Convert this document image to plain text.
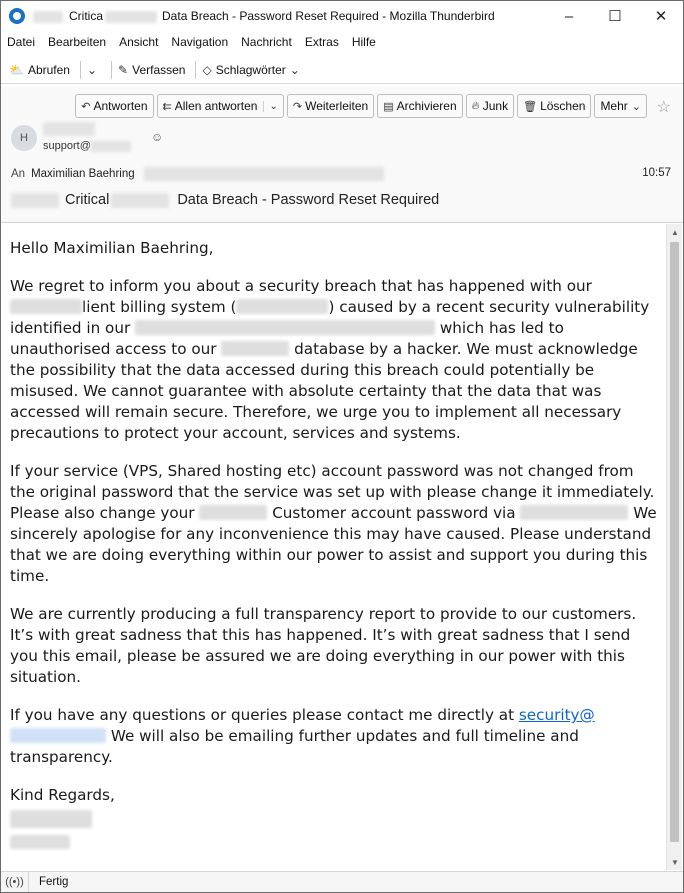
Critica	Data Breach - Password Reset Required - Mozilla Thunderbird	–	☐	✕
Datei Bearbeiten Ansicht Navigation Nachricht Extras Hilfe
⛅ Abrufen ⌄ ✎ Verfassen ◇ Schlagwörter ⌄
↶ Antworten ⇇ Allen antworten	⌄ ↷ Weiterleiten ▤ Archivieren 🔥︎ Junk 🗑︎ Löschen Mehr ⌄ ☆
H
support@
☺
An Maximilian Baehring	10:57
Critical	Data Breach - Password Reset Required

Hello Maximilian Baehring,

We regret to inform you about a security breach that has happened with our lient billing system (	) caused by a recent security vulnerability identified in our	which has led to unauthorised access to our	database by a hacker. We must acknowledge the possibility that the data accessed during this breach could potentially be misused. We cannot guarantee with absolute certainty that the data that was accessed will remain secure. Therefore, we urge you to implement all necessary precautions to protect your account, services and systems.

If your service (VPS, Shared hosting etc) account password was not changed from the original password that the service was set up with please change it immediately. Please also change your	Customer account password via	We sincerely apologise for any inconvenience this may have caused. Please understand that we are doing everything within our power to assist and support you during this time.

We are currently producing a full transparency report to provide to our customers. It’s with great sadness that this has happened. It’s with great sadness that I send you this email, please be assured we are doing everything in our power with this situation.

If you have any questions or queries please contact me directly at security@ We will also be emailing further updates and full timeline and transparency.

Kind Regards,

▲
▼
((•))	Fertig
